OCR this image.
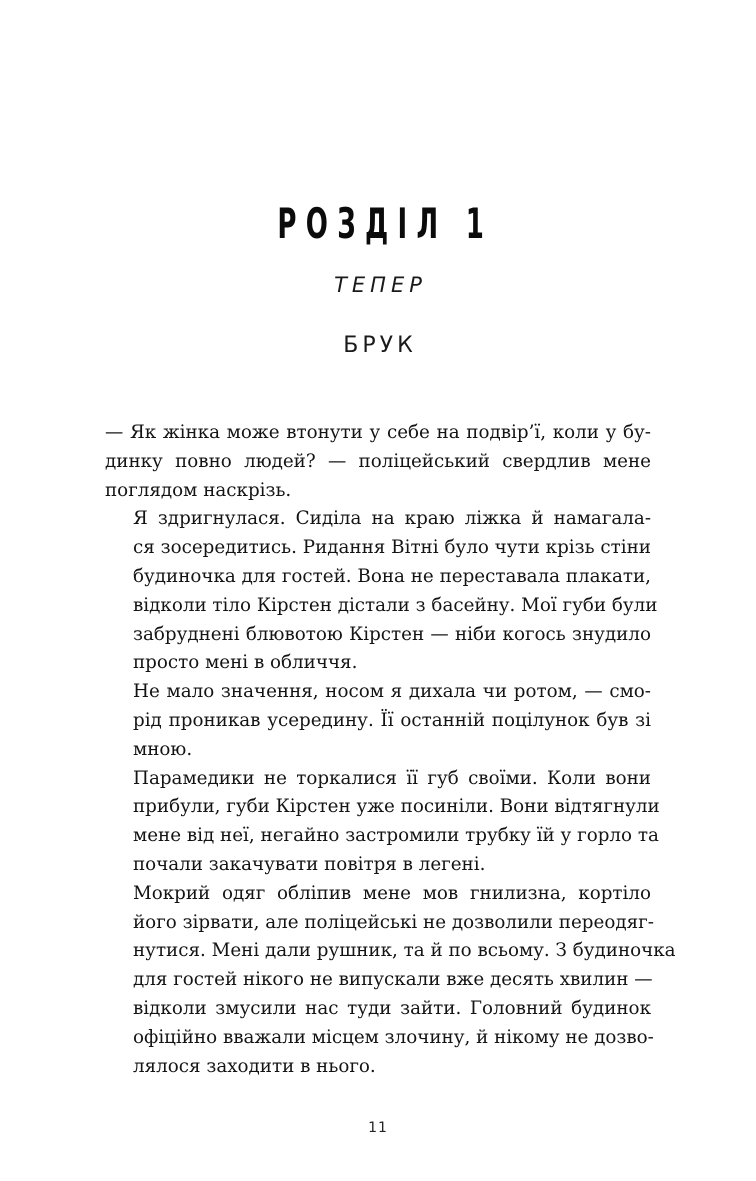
РОЗДІЛ 1
ТЕПЕР
БРУК

— Як жінка може втонути у себе на подвір’ї, коли у бу-
динку повно людей? — поліцейський свердлив мене
поглядом наскрізь.

Я здригнулася. Сиділа на краю ліжка й намагала-
ся зосередитись. Ридання Вітні було чути крізь стіни
будиночка для гостей. Вона не переставала плакати,
відколи тіло Кірстен дістали з басейну. Мої губи були
забруднені блювотою Кірстен — ніби когось знудило
просто мені в обличчя.

Не мало значення, носом я дихала чи ротом, — смо-
рід проникав усередину. Її останній поцілунок був зі
мною.

Парамедики не торкалися її губ своїми. Коли вони
прибули, губи Кірстен уже посиніли. Вони відтягнули
мене від неї, негайно застромили трубку їй у горло та
почали закачувати повітря в легені.

Мокрий одяг обліпив мене мов гнилизна, кортіло
його зірвати, але поліцейські не дозволили переодяг-
нутися. Мені дали рушник, та й по всьому. З будиночка
для гостей нікого не випускали вже десять хвилин —
відколи змусили нас туди зайти. Головний будинок
офіційно вважали місцем злочину, й нікому не дозво-
лялося заходити в нього.

11
